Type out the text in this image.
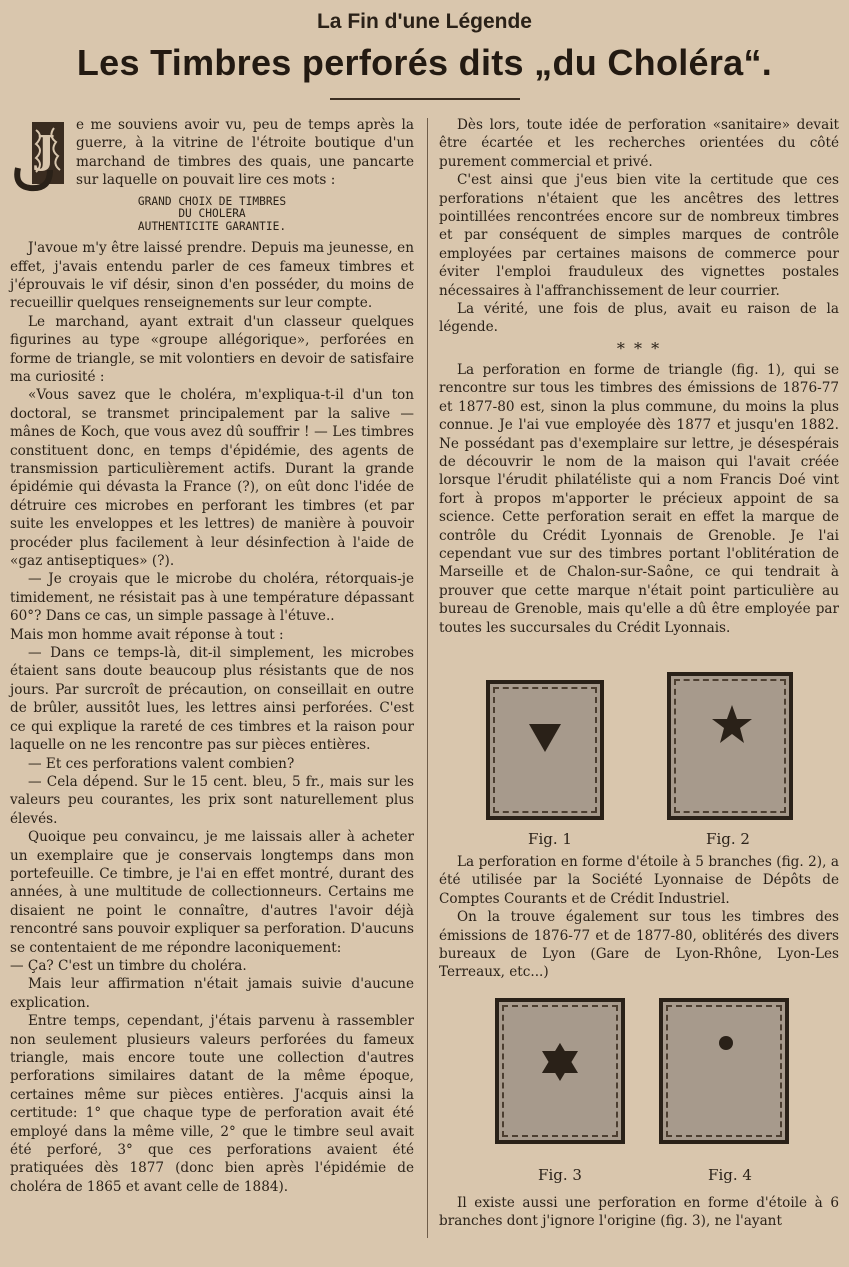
La Fin d'une Légende
Les Timbres perforés dits „du Choléra“.
J

e me souviens avoir vu, peu de temps après la guerre, à la vitrine de l'étroite boutique d'un marchand de timbres des quais, une pancarte sur laquelle on pouvait lire ces mots :

GRAND CHOIX DE TIMBRES
DU CHOLERA
AUTHENTICITE GARANTIE.

J'avoue m'y être laissé prendre. Depuis ma jeunesse, en effet, j'avais entendu parler de ces fameux timbres et j'éprouvais le vif désir, sinon d'en posséder, du moins de recueillir quelques renseignements sur leur compte.

Le marchand, ayant extrait d'un classeur quelques figurines au type «groupe allégorique», perforées en forme de triangle, se mit volontiers en devoir de satisfaire ma curiosité :

«Vous savez que le choléra, m'expliqua-t-il d'un ton doctoral, se transmet principalement par la salive — mânes de Koch, que vous avez dû souffrir ! — Les timbres constituent donc, en temps d'épidémie, des agents de transmission particulièrement actifs. Durant la grande épidémie qui dévasta la France (?), on eût donc l'idée de détruire ces microbes en perforant les timbres (et par suite les enveloppes et les lettres) de manière à pouvoir procéder plus facilement à leur désinfection à l'aide de «gaz antiseptiques» (?).

— Je croyais que le microbe du choléra, rétorquais-je timidement, ne résistait pas à une température dépassant 60°? Dans ce cas, un simple passage à l'étuve..

Mais mon homme avait réponse à tout :

— Dans ce temps-là, dit-il simplement, les microbes étaient sans doute beaucoup plus résistants que de nos jours. Par surcroît de précaution, on conseillait en outre de brûler, aussitôt lues, les lettres ainsi perforées. C'est ce qui explique la rareté de ces timbres et la raison pour laquelle on ne les rencontre pas sur pièces entières.

— Et ces perforations valent combien?

— Cela dépend. Sur le 15 cent. bleu, 5 fr., mais sur les valeurs peu courantes, les prix sont naturellement plus élevés.

Quoique peu convaincu, je me laissais aller à acheter un exemplaire que je conservais longtemps dans mon portefeuille. Ce timbre, je l'ai en effet montré, durant des années, à une multitude de collectionneurs. Certains me disaient ne point le connaître, d'autres l'avoir déjà rencontré sans pouvoir expliquer sa perforation. D'aucuns se contentaient de me répondre laconiquement:

— Ça? C'est un timbre du choléra.

Mais leur affirmation n'était jamais suivie d'aucune explication.

Entre temps, cependant, j'étais parvenu à rassembler non seulement plusieurs valeurs perforées du fameux triangle, mais encore toute une collection d'autres perforations similaires datant de la même époque, certaines même sur pièces entières. J'acquis ainsi la certitude: 1° que chaque type de perforation avait été employé dans la même ville, 2° que le timbre seul avait été perforé, 3° que ces perforations avaient été pratiquées dès 1877 (donc bien après l'épidémie de choléra de 1865 et avant celle de 1884).

Dès lors, toute idée de perforation «sanitaire» devait être écartée et les recherches orientées du côté purement commercial et privé.

C'est ainsi que j'eus bien vite la certitude que ces perforations n'étaient que les ancêtres des lettres pointillées rencontrées encore sur de nombreux timbres et par conséquent de simples marques de contrôle employées par certaines maisons de commerce pour éviter l'emploi frauduleux des vignettes postales nécessaires à l'affranchissement de leur courrier.

La vérité, une fois de plus, avait eu raison de la légende.

* * *

La perforation en forme de triangle (fig. 1), qui se rencontre sur tous les timbres des émissions de 1876-77 et 1877-80 est, sinon la plus commune, du moins la plus connue. Je l'ai vue employée dès 1877 et jusqu'en 1882. Ne possédant pas d'exemplaire sur lettre, je désespérais de découvrir le nom de la maison qui l'avait créée lorsque l'érudit philatéliste qui a nom Francis Doé vint fort à propos m'apporter le précieux appoint de sa science. Cette perforation serait en effet la marque de contrôle du Crédit Lyonnais de Grenoble. Je l'ai cependant vue sur des timbres portant l'oblitération de Marseille et de Chalon-sur-Saône, ce qui tendrait à prouver que cette marque n'était point particulière au bureau de Grenoble, mais qu'elle a dû être employée par toutes les succursales du Crédit Lyonnais.

Fig. 1	Fig. 2

La perforation en forme d'étoile à 5 branches (fig. 2), a été utilisée par la Société Lyonnaise de Dépôts de Comptes Courants et de Crédit Industriel.

On la trouve également sur tous les timbres des émissions de 1876-77 et de 1877-80, oblitérés des divers bureaux de Lyon (Gare de Lyon-Rhône, Lyon-Les Terreaux, etc...)

Fig. 3	Fig. 4

Il existe aussi une perforation en forme d'étoile à 6 branches dont j'ignore l'origine (fig. 3), ne l'ayant
